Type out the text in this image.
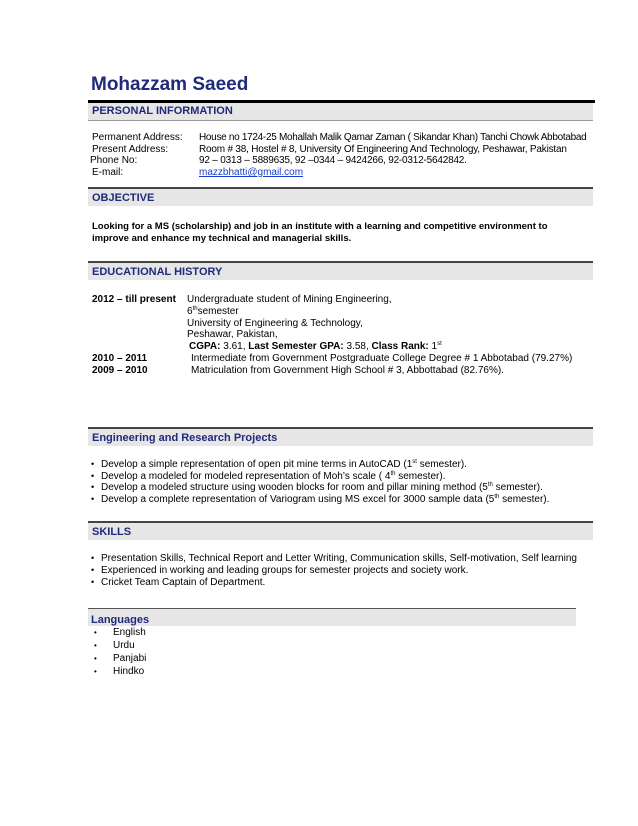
Mohazzam Saeed
PERSONAL INFORMATION
Permanent Address: House no 1724-25 Mohallah Malik Qamar Zaman ( Sikandar Khan) Tanchi Chowk Abbotabad
Present Address:	Room # 38, Hostel # 8, University Of Engineering And Technology, Peshawar, Pakistan
Phone No:	92 – 0313 – 5889635, 92 –0344 – 9424266, 92-0312-5642842.
E-mail:	mazzbhatti@gmail.com
OBJECTIVE
Looking for a MS (scholarship) and job in an institute with a learning and competitive environment to
improve and enhance my technical and managerial skills.
EDUCATIONAL HISTORY
2012 – till present Undergraduate student of Mining Engineering,
6thsemester
University of Engineering & Technology,
Peshawar, Pakistan,
CGPA: 3.61, Last Semester GPA: 3.58, Class Rank: 1st
2010 – 2011	Intermediate from Government Postgraduate College Degree # 1 Abbotabad (79.27%)
2009 – 2010	Matriculation from Government High School # 3, Abbottabad (82.76%).
Engineering and Research Projects
• Develop a simple representation of open pit mine terms in AutoCAD (1st semester).
• Develop a modeled for modeled representation of Moh’s scale ( 4th semester).
• Develop a modeled structure using wooden blocks for room and pillar mining method (5th semester).
• Develop a complete representation of Variogram using MS excel for 3000 sample data (5th semester).
SKILLS
• Presentation Skills, Technical Report and Letter Writing, Communication skills, Self-motivation, Self learning
• Experienced in working and leading groups for semester projects and society work.
• Cricket Team Captain of Department.
Languages
• English
• Urdu
• Panjabi
• Hindko
